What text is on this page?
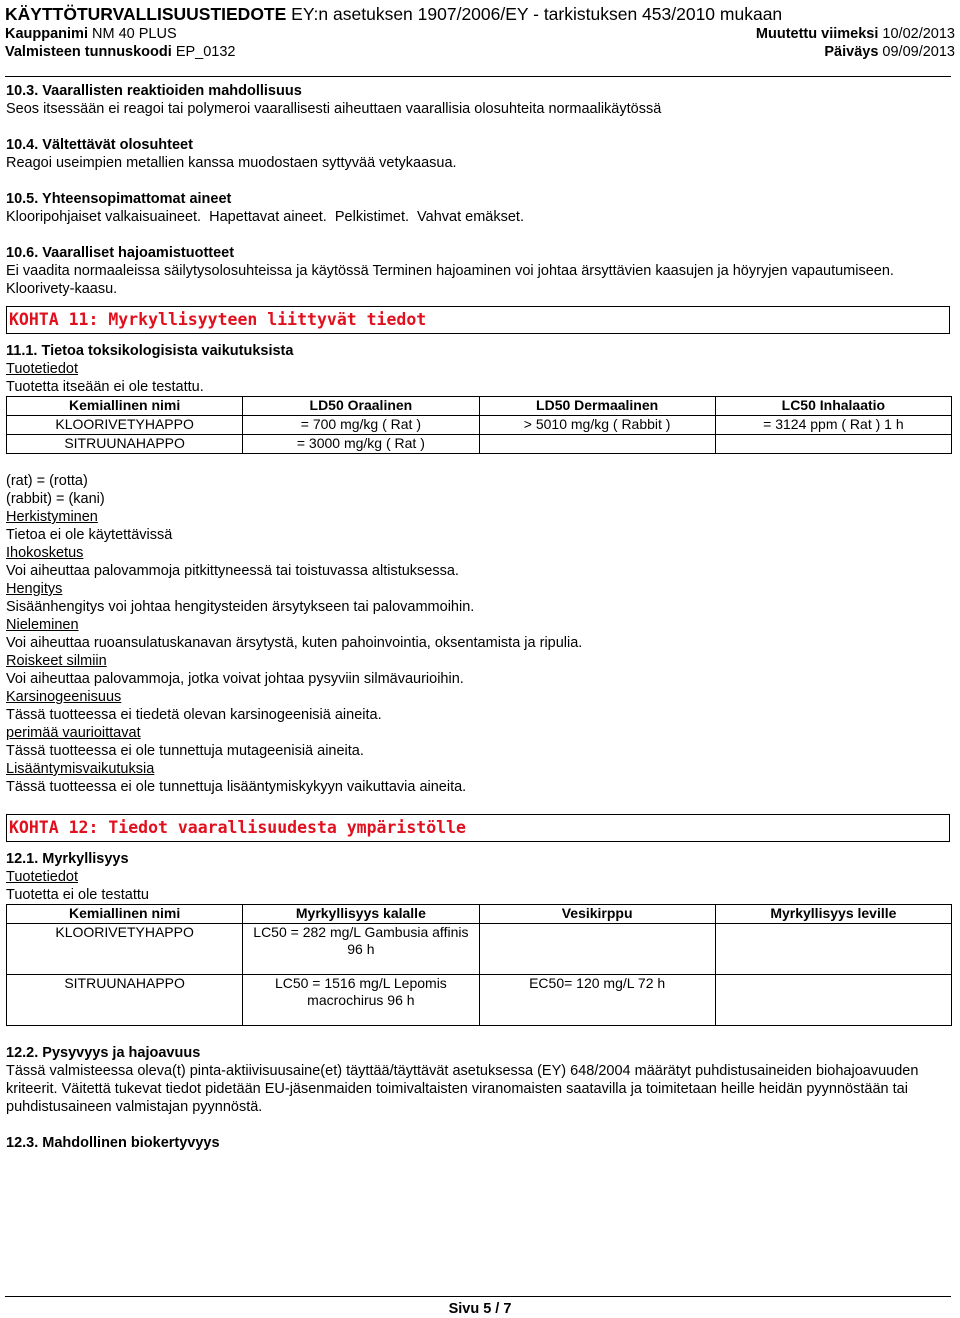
KÄYTTÖTURVALLISUUSTIEDOTE EY:n asetuksen 1907/2006/EY - tarkistuksen 453/2010 mukaan
Kauppanimi NM 40 PLUS	Muutettu viimeksi 10/02/2013
Valmisteen tunnuskoodi EP_0132	Päiväys 09/09/2013
10.3. Vaarallisten reaktioiden mahdollisuus
Seos itsessään ei reagoi tai polymeroi vaarallisesti aiheuttaen vaarallisia olosuhteita normaalikäytössä
10.4. Vältettävät olosuhteet
Reagoi useimpien metallien kanssa muodostaen syttyvää vetykaasua.
10.5. Yhteensopimattomat aineet
Klooripohjaiset valkaisuaineet.  Hapettavat aineet.  Pelkistimet.  Vahvat emäkset.
10.6. Vaaralliset hajoamistuotteet
Ei vaadita normaaleissa säilytysolosuhteissa ja käytössä Terminen hajoaminen voi johtaa ärsyttävien kaasujen ja höyryjen vapautumiseen. Kloorivety-kaasu.
KOHTA 11: Myrkyllisyyteen liittyvät tiedot
11.1. Tietoa toksikologisista vaikutuksista
Tuotetiedot
Tuotetta itseään ei ole testattu.
Kemiallinen nimi	LD50 Oraalinen	LD50 Dermaalinen	LC50 Inhalaatio
KLOORIVETYHAPPO	= 700 mg/kg ( Rat )	> 5010 mg/kg ( Rabbit )	= 3124 ppm ( Rat ) 1 h
SITRUUNAHAPPO	= 3000 mg/kg ( Rat )		
(rat) = (rotta)
(rabbit) = (kani)
Herkistyminen
Tietoa ei ole käytettävissä
Ihokosketus
Voi aiheuttaa palovammoja pitkittyneessä tai toistuvassa altistuksessa.
Hengitys
Sisäänhengitys voi johtaa hengitysteiden ärsytykseen tai palovammoihin.
Nieleminen
Voi aiheuttaa ruoansulatuskanavan ärsytystä, kuten pahoinvointia, oksentamista ja ripulia.
Roiskeet silmiin
Voi aiheuttaa palovammoja, jotka voivat johtaa pysyviin silmävaurioihin.
Karsinogeenisuus
Tässä tuotteessa ei tiedetä olevan karsinogeenisiä aineita.
perimää vaurioittavat
Tässä tuotteessa ei ole tunnettuja mutageenisiä aineita.
Lisääntymisvaikutuksia
Tässä tuotteessa ei ole tunnettuja lisääntymiskykyyn vaikuttavia aineita.
KOHTA 12: Tiedot vaarallisuudesta ympäristölle
12.1. Myrkyllisyys
Tuotetiedot
Tuotetta ei ole testattu
Kemiallinen nimi	Myrkyllisyys kalalle	Vesikirppu	Myrkyllisyys leville
KLOORIVETYHAPPO	LC50 = 282 mg/L Gambusia affinis 96 h		
SITRUUNAHAPPO	LC50 = 1516 mg/L Lepomis macrochirus 96 h	EC50= 120 mg/L 72 h	
12.2. Pysyvyys ja hajoavuus
Tässä valmisteessa oleva(t) pinta-aktiivisuusaine(et) täyttää/täyttävät asetuksessa (EY) 648/2004 määrätyt puhdistusaineiden biohajoavuuden kriteerit. Väitettä tukevat tiedot pidetään EU-jäsenmaiden toimivaltaisten viranomaisten saatavilla ja toimitetaan heille heidän pyynnöstään tai puhdistusaineen valmistajan pyynnöstä.
12.3. Mahdollinen biokertyvyys
Sivu 5 / 7
